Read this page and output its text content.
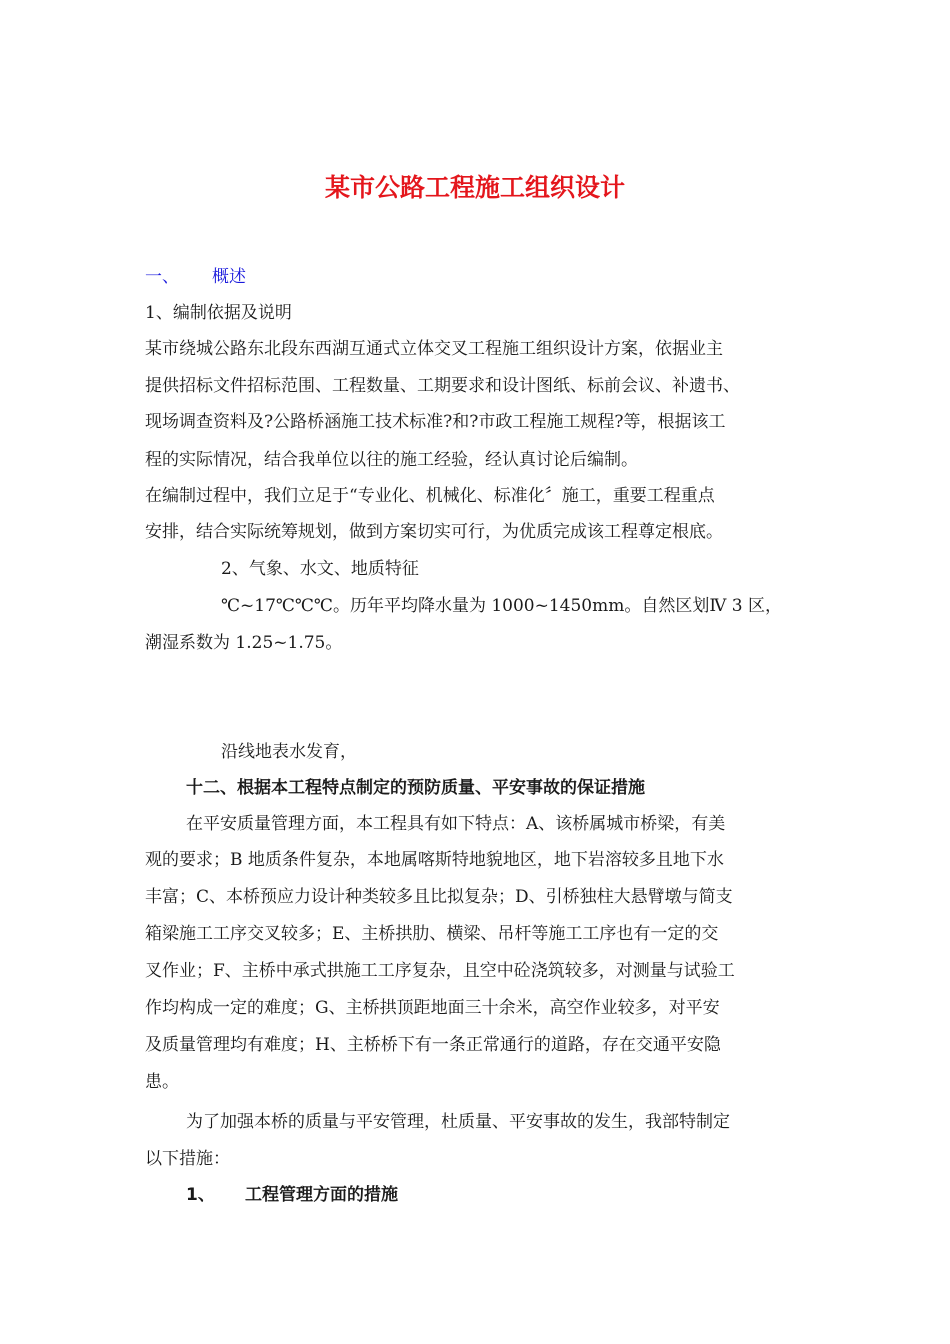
某市公路工程施工组织设计
一、 概述
1、编制依据及说明
某市绕城公路东北段东西湖互通式立体交叉工程施工组织设计方案，依据业主
提供招标文件招标范围、工程数量、工期要求和设计图纸、标前会议、补遗书、
现场调查资料及?公路桥涵施工技术标准?和?市政工程施工规程?等，根据该工
程的实际情况，结合我单位以往的施工经验，经认真讨论后编制。
在编制过程中，我们立足于“专业化、机械化、标准化〞施工，重要工程重点
安排，结合实际统筹规划，做到方案切实可行，为优质完成该工程尊定根底。
2、气象、水文、地质特征
℃~17℃℃℃。历年平均降水量为 1000~1450mm。自然区划Ⅳ 3 区，
潮湿系数为 1.25~1.75。
沿线地表水发育，
十二、根据本工程特点制定的预防质量、平安事故的保证措施
在平安质量管理方面，本工程具有如下特点：A、该桥属城市桥梁，有美
观的要求；B 地质条件复杂，本地属喀斯特地貌地区，地下岩溶较多且地下水
丰富；C、本桥预应力设计种类较多且比拟复杂；D、引桥独柱大悬臂墩与简支
箱梁施工工序交叉较多；E、主桥拱肋、横梁、吊杆等施工工序也有一定的交
叉作业；F、主桥中承式拱施工工序复杂，且空中砼浇筑较多，对测量与试验工
作均构成一定的难度；G、主桥拱顶距地面三十余米，高空作业较多，对平安
及质量管理均有难度；H、主桥桥下有一条正常通行的道路，存在交通平安隐
患。
为了加强本桥的质量与平安管理，杜质量、平安事故的发生，我部特制定
以下措施：
1、 工程管理方面的措施
